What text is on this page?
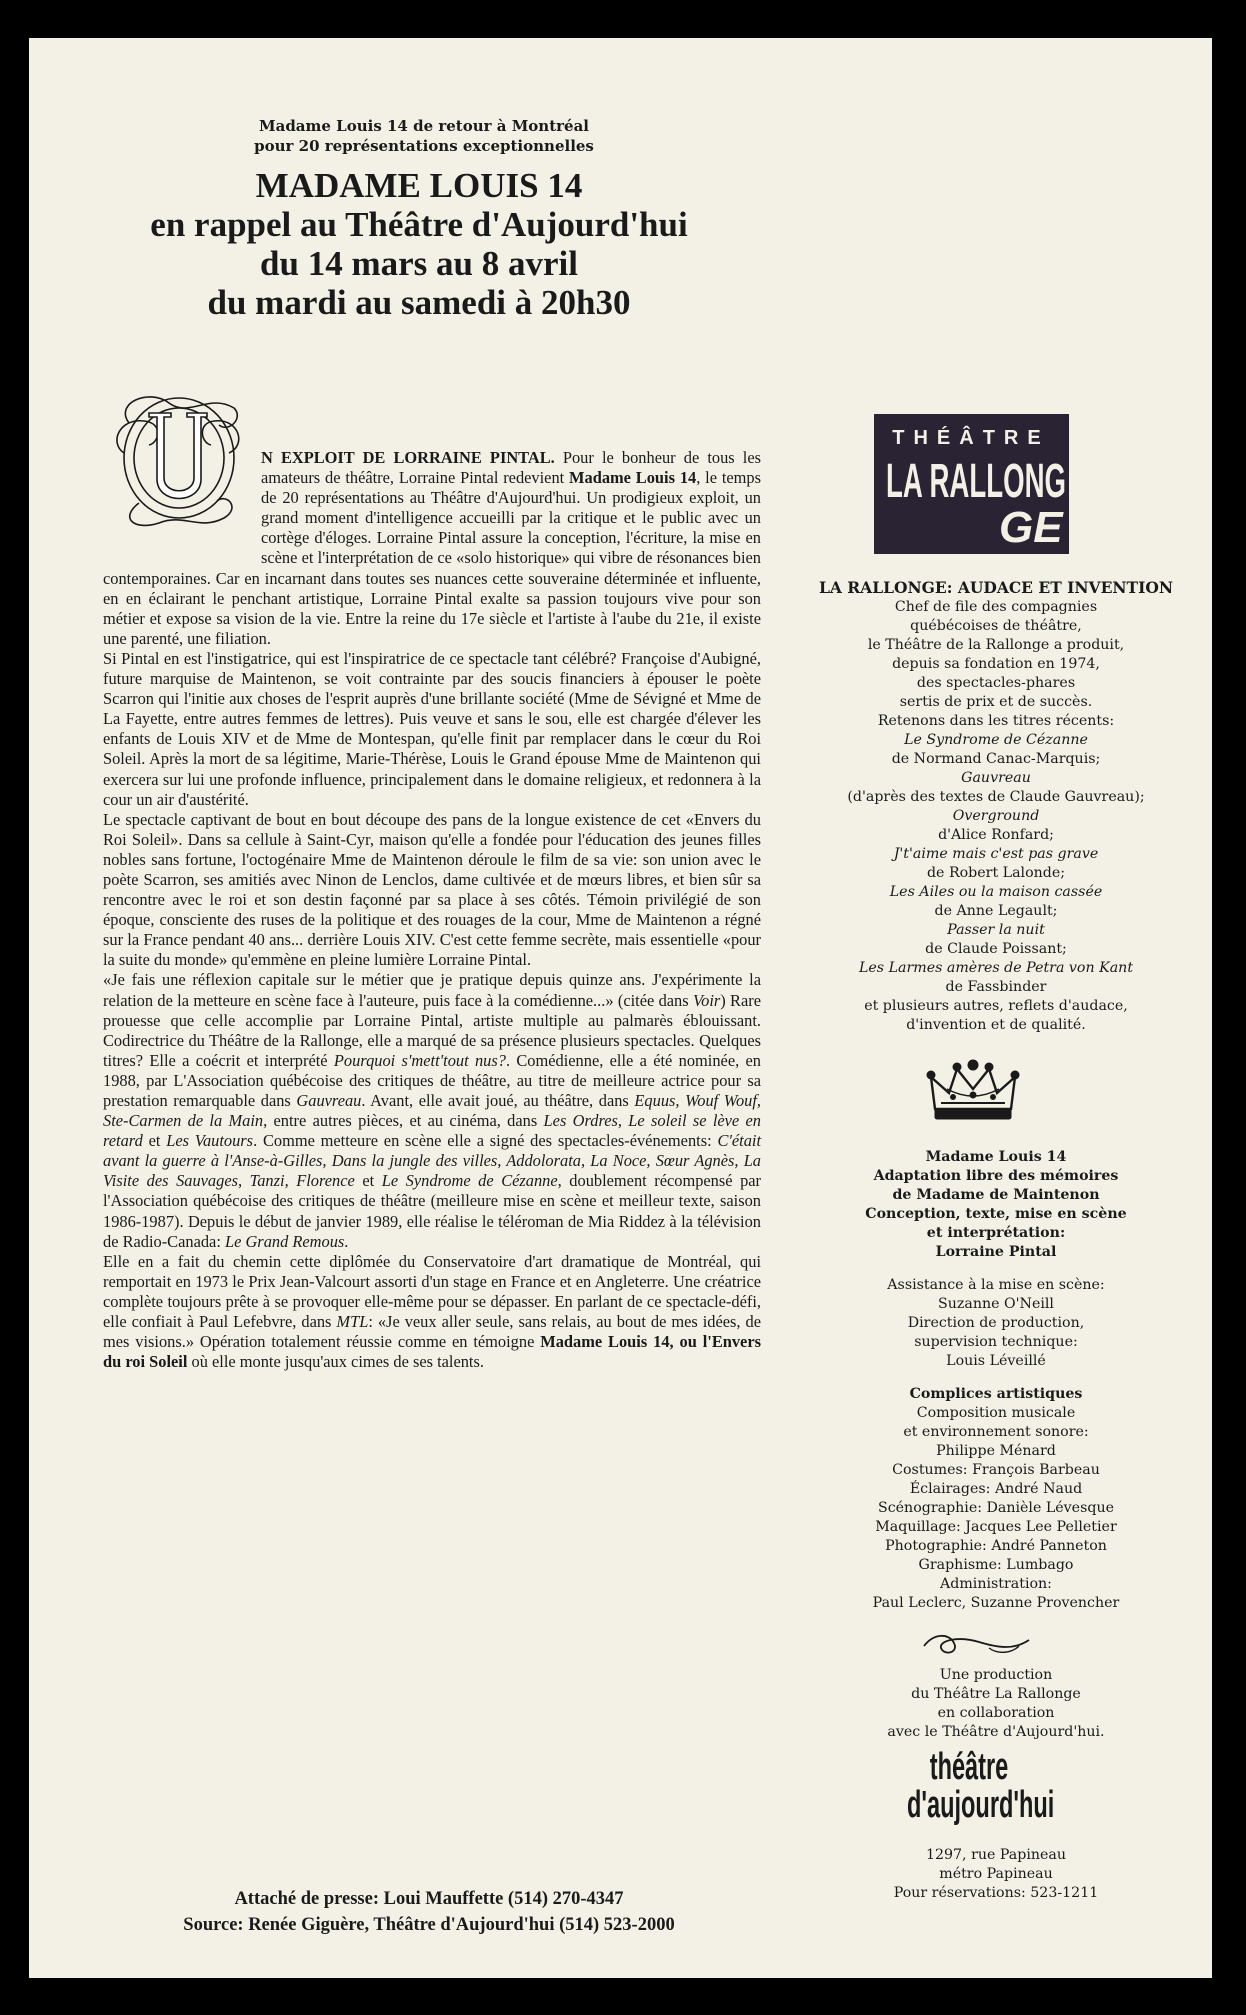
Madame Louis 14 de retour à Montréal
pour 20 représentations exceptionnelles
MADAME LOUIS 14
en rappel au Théâtre d'Aujourd'hui
du 14 mars au 8 avril
du mardi au samedi à 20h30

N EXPLOIT DE LORRAINE PINTAL. Pour le bonheur de tous les amateurs de théâtre, Lorraine Pintal redevient Madame Louis 14, le temps de 20 représentations au Théâtre d'Aujourd'hui. Un prodigieux exploit, un grand moment d'intelligence accueilli par la critique et le public avec un cortège d'éloges. Lorraine Pintal assure la conception, l'écriture, la mise en scène et l'interprétation de ce «solo historique» qui vibre de résonances bien contemporaines. Car en incarnant dans toutes ses nuances cette souveraine déterminée et influente, en en éclairant le penchant artistique, Lorraine Pintal exalte sa passion toujours vive pour son métier et expose sa vision de la vie. Entre la reine du 17e siècle et l'artiste à l'aube du 21e, il existe une parenté, une filiation.

Si Pintal en est l'instigatrice, qui est l'inspiratrice de ce spectacle tant célébré? Françoise d'Aubigné, future marquise de Maintenon, se voit contrainte par des soucis financiers à épouser le poète Scarron qui l'initie aux choses de l'esprit auprès d'une brillante société (Mme de Sévigné et Mme de La Fayette, entre autres femmes de lettres). Puis veuve et sans le sou, elle est chargée d'élever les enfants de Louis XIV et de Mme de Montespan, qu'elle finit par remplacer dans le cœur du Roi Soleil. Après la mort de sa légitime, Marie-Thérèse, Louis le Grand épouse Mme de Maintenon qui exercera sur lui une profonde influence, principalement dans le domaine religieux, et redonnera à la cour un air d'austérité.

Le spectacle captivant de bout en bout découpe des pans de la longue existence de cet «Envers du Roi Soleil». Dans sa cellule à Saint-Cyr, maison qu'elle a fondée pour l'éducation des jeunes filles nobles sans fortune, l'octogénaire Mme de Maintenon déroule le film de sa vie: son union avec le poète Scarron, ses amitiés avec Ninon de Lenclos, dame cultivée et de mœurs libres, et bien sûr sa rencontre avec le roi et son destin façonné par sa place à ses côtés. Témoin privilégié de son époque, consciente des ruses de la politique et des rouages de la cour, Mme de Maintenon a régné sur la France pendant 40 ans... derrière Louis XIV. C'est cette femme secrète, mais essentielle «pour la suite du monde» qu'emmène en pleine lumière Lorraine Pintal.

«Je fais une réflexion capitale sur le métier que je pratique depuis quinze ans. J'expérimente la relation de la metteure en scène face à l'auteure, puis face à la comédienne...» (citée dans Voir) Rare prouesse que celle accomplie par Lorraine Pintal, artiste multiple au palmarès éblouissant. Codirectrice du Théâtre de la Rallonge, elle a marqué de sa présence plusieurs spectacles. Quelques titres? Elle a coécrit et interprété Pourquoi s'mett'tout nus?. Comédienne, elle a été nominée, en 1988, par L'Association québécoise des critiques de théâtre, au titre de meilleure actrice pour sa prestation remarquable dans Gauvreau. Avant, elle avait joué, au théâtre, dans Equus, Wouf Wouf, Ste-Carmen de la Main, entre autres pièces, et au cinéma, dans Les Ordres, Le soleil se lève en retard et Les Vautours. Comme metteure en scène elle a signé des spectacles-événements: C'était avant la guerre à l'Anse-à-Gilles, Dans la jungle des villes, Addolorata, La Noce, Sœur Agnès, La Visite des Sauvages, Tanzi, Florence et Le Syndrome de Cézanne, doublement récompensé par l'Association québécoise des critiques de théâtre (meilleure mise en scène et meilleur texte, saison 1986-1987). Depuis le début de janvier 1989, elle réalise le téléroman de Mia Riddez à la télévision de Radio-Canada: Le Grand Remous.

Elle en a fait du chemin cette diplômée du Conservatoire d'art dramatique de Montréal, qui remportait en 1973 le Prix Jean-Valcourt assorti d'un stage en France et en Angleterre. Une créatrice complète toujours prête à se provoquer elle-même pour se dépasser. En parlant de ce spectacle-défi, elle confiait à Paul Lefebvre, dans MTL: «Je veux aller seule, sans relais, au bout de mes idées, de mes visions.» Opération totalement réussie comme en témoigne Madame Louis 14, ou l'Envers du roi Soleil où elle monte jusqu'aux cimes de ses talents.

Attaché de presse: Loui Mauffette (514) 270-4347
Source: Renée Giguère, Théâtre d'Aujourd'hui (514) 523-2000
THÉÂTRE
LA RALLONG
GE
LA RALLONGE: AUDACE ET INVENTION
Chef de file des compagnies
québécoises de théâtre,
le Théâtre de la Rallonge a produit,
depuis sa fondation en 1974,
des spectacles-phares
sertis de prix et de succès.
Retenons dans les titres récents:
Le Syndrome de Cézanne
de Normand Canac-Marquis;
Gauvreau
(d'après des textes de Claude Gauvreau);
Overground
d'Alice Ronfard;
J't'aime mais c'est pas grave
de Robert Lalonde;
Les Ailes ou la maison cassée
de Anne Legault;
Passer la nuit
de Claude Poissant;
Les Larmes amères de Petra von Kant
de Fassbinder
et plusieurs autres, reflets d'audace,
d'invention et de qualité.
Madame Louis 14
Adaptation libre des mémoires
de Madame de Maintenon
Conception, texte, mise en scène
et interprétation:
Lorraine Pintal
Assistance à la mise en scène:
Suzanne O'Neill
Direction de production,
supervision technique:
Louis Léveillé
Complices artistiques
Composition musicale
et environnement sonore:
Philippe Ménard
Costumes: François Barbeau
Éclairages: André Naud
Scénographie: Danièle Lévesque
Maquillage: Jacques Lee Pelletier
Photographie: André Panneton
Graphisme: Lumbago
Administration:
Paul Leclerc, Suzanne Provencher
Une production
du Théâtre La Rallonge
en collaboration
avec le Théâtre d'Aujourd'hui.
théâtre
d'aujourd'hui
1297, rue Papineau
métro Papineau
Pour réservations: 523-1211
